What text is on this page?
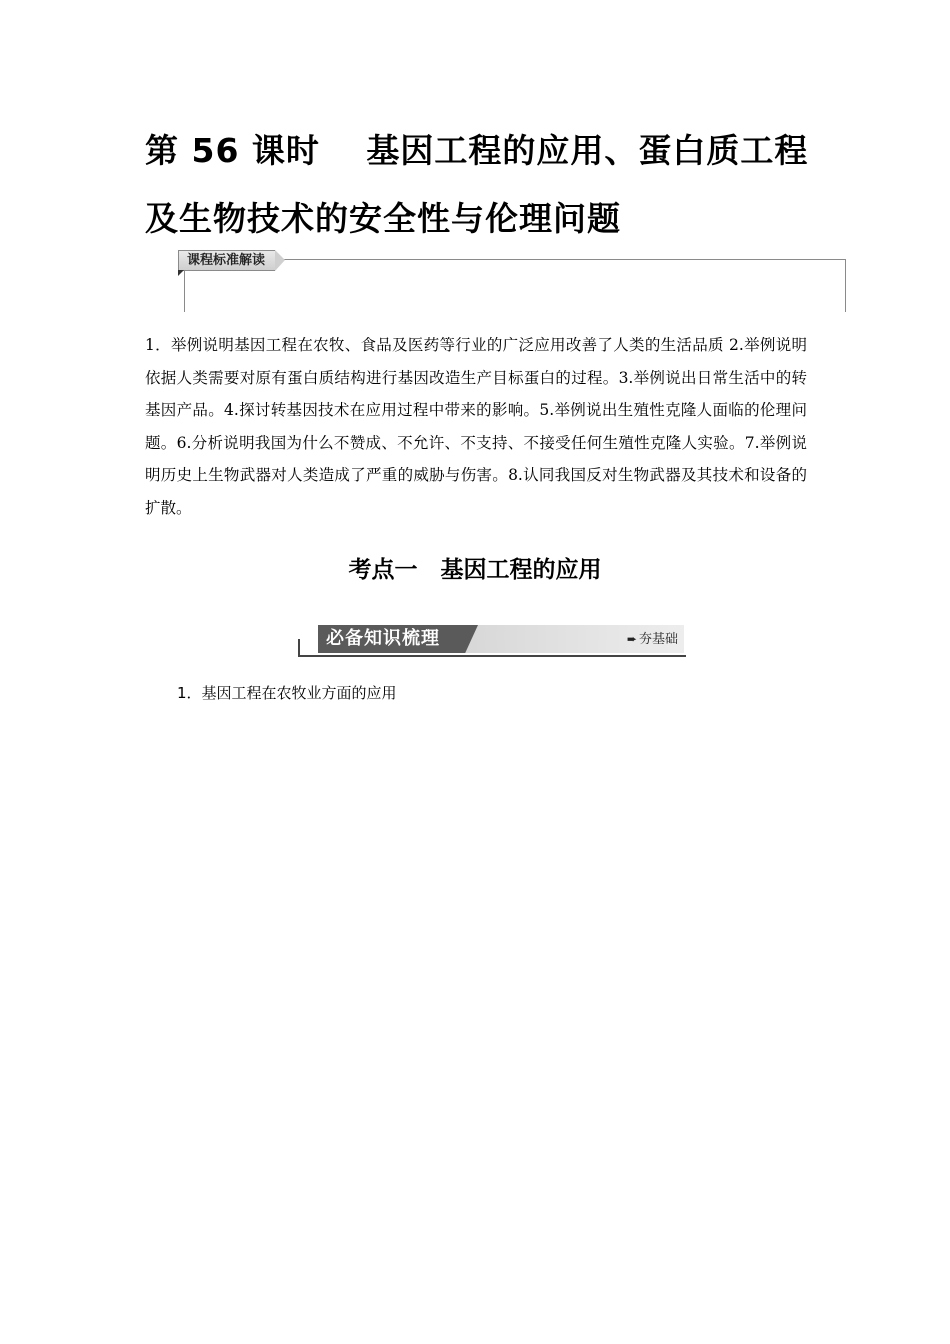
第 56 课时　 基因工程的应用、蛋白质工程
及生物技术的安全性与伦理问题
课程标准解读

1．举例说明基因工程在农牧、食品及医药等行业的广泛应用改善了人类的生活品质 2.举例说明依据人类需要对原有蛋白质结构进行基因改造生产目标蛋白的过程。3.举例说出日常生活中的转基因产品。4.探讨转基因技术在应用过程中带来的影响。5.举例说出生殖性克隆人面临的伦理问题。6.分析说明我国为什么不赞成、不允许、不支持、不接受任何生殖性克隆人实验。7.举例说明历史上生物武器对人类造成了严重的威胁与伤害。8.认同我国反对生物武器及其技术和设备的扩散。

考点一　基因工程的应用
必备知识梳理	➨ 夯基础
1．基因工程在农牧业方面的应用
